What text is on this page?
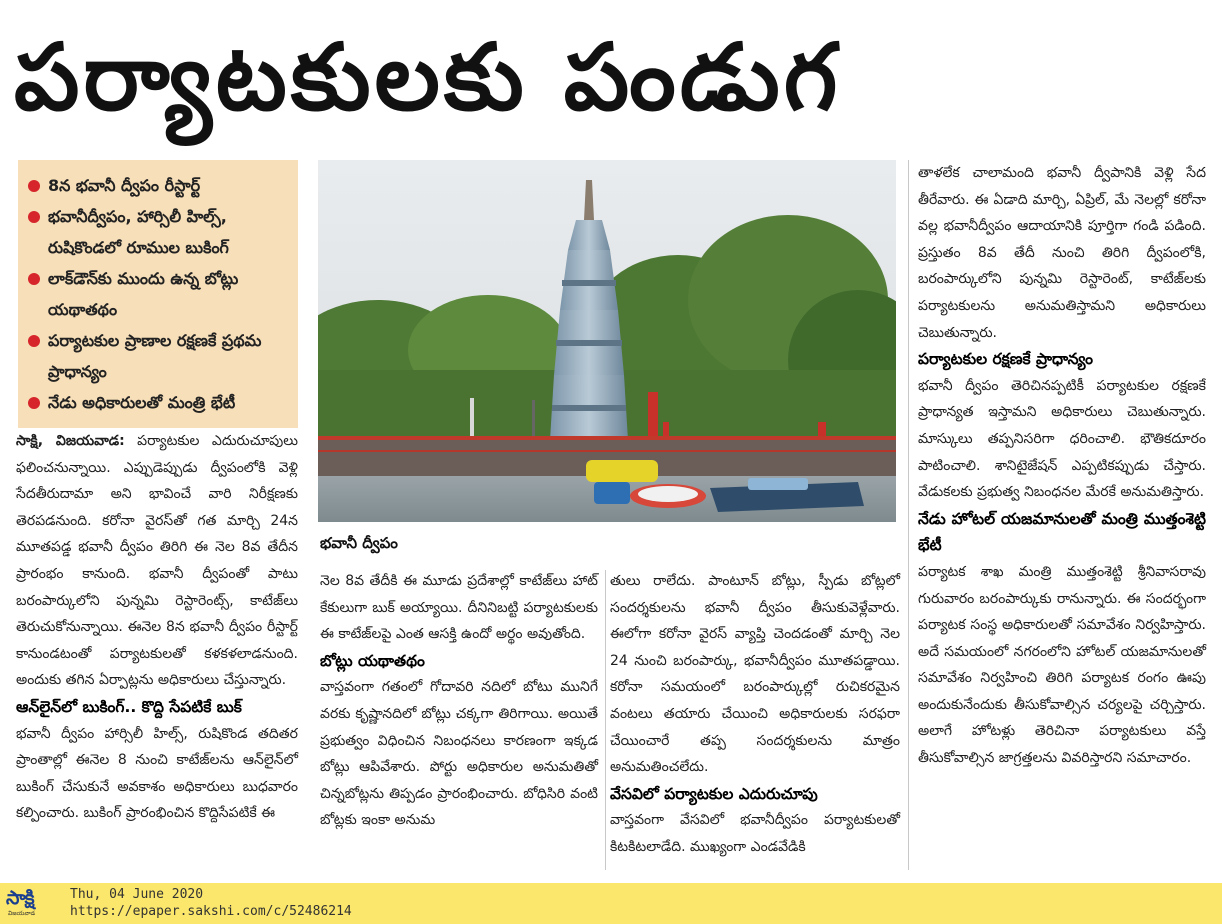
పర్యాటకులకు పండుగ
8న భవానీ ద్వీపం రీస్టార్ట్
భవానీద్వీపం, హార్సిలీ హిల్స్, రుషికొండలో రూముల బుకింగ్
లాక్‌డౌన్‌కు ముందు ఉన్న బోట్లు యథాతథం
పర్యాటకుల ప్రాణాల రక్షణకే ప్రథమ ప్రాధాన్యం
నేడు అధికారులతో మంత్రి భేటీ
భవానీ ద్వీపం

సాక్షి, విజయవాడ: పర్యాటకుల ఎదురుచూపులు ఫలించనున్నాయి. ఎప్పుడెప్పుడు ద్వీపంలోకి వెళ్లి సేదతీరుదామా అని భావించే వారి నిరీక్షణకు తెరపడనుంది. కరోనా వైరస్‌తో గత మార్చి 24న మూతపడ్డ భవానీ ద్వీపం తిరిగి ఈ నెల 8వ తేదీన ప్రారంభం కానుంది. భవానీ ద్వీపంతో పాటు బరంపార్కులోని పున్నమి రెస్టారెంట్స్, కాటేజ్‌లు తెరుచుకోనున్నాయి. ఈనెల 8న భవానీ ద్వీపం రీస్టార్ట్ కానుండటంతో పర్యాటకులతో కళకళలాడనుంది. అందుకు తగిన ఏర్పాట్లను అధికారులు చేస్తున్నారు.

ఆన్‌లైన్‌లో బుకింగ్.. కొద్ది సేపటికే బుక్

భవానీ ద్వీపం హార్సిలీ హిల్స్, రుషికొండ తదితర ప్రాంతాల్లో ఈనెల 8 నుంచి కాటేజ్‌లను ఆన్‌లైన్‌లో బుకింగ్ చేసుకునే అవకాశం అధికారులు బుధవారం కల్పించారు. బుకింగ్ ప్రారంభించిన కొద్దిసేపటికే ఈ

నెల 8వ తేదీకి ఈ మూడు ప్రదేశాల్లో కాటేజ్‌లు హాట్ కేకులుగా బుక్ అయ్యాయి. దీనినిబట్టి పర్యాటకులకు ఈ కాటేజ్‌లపై ఎంత ఆసక్తి ఉందో అర్థం అవుతోంది.

బోట్లు యథాతథం

వాస్తవంగా గతంలో గోదావరి నదిలో బోటు మునిగే వరకు కృష్ణానదిలో బోట్లు చక్కగా తిరిగాయి. అయితే ప్రభుత్వం విధించిన నిబంధనలు కారణంగా ఇక్కడ బోట్లు ఆపివేశారు. పోర్టు అధికారుల అనుమతితో చిన్నబోట్లను తిప్పడం ప్రారంభించారు. బోధిసిరి వంటి బోట్లకు ఇంకా అనుమ

తులు రాలేదు. పాంటూన్ బోట్లు, స్పీడు బోట్లలో సందర్శకులను భవానీ ద్వీపం తీసుకువెళ్లేవారు. ఈలోగా కరోనా వైరస్ వ్యాప్తి చెందడంతో మార్చి నెల 24 నుంచి బరంపార్కు, భవానీద్వీపం మూతపడ్డాయి. కరోనా సమయంలో బరంపార్కుల్లో రుచికరమైన వంటలు తయారు చేయించి అధికారులకు సరఫరా చేయించారే తప్ప సందర్శకులను మాత్రం అనుమతించలేదు.

వేసవిలో పర్యాటకుల ఎదురుచూపు

వాస్తవంగా వేసవిలో భవానీద్వీపం పర్యాటకులతో కిటకిటలాడేది. ముఖ్యంగా ఎండవేడికి

తాళలేక చాలామంది భవానీ ద్వీపానికి వెళ్లి సేద తీరేవారు. ఈ ఏడాది మార్చి, ఏప్రిల్, మే నెలల్లో కరోనా వల్ల భవానీద్వీపం ఆదాయానికి పూర్తిగా గండి పడింది. ప్రస్తుతం 8వ తేదీ నుంచి తిరిగి ద్వీపంలోకి, బరంపార్కులోని పున్నమి రెస్టారెంట్, కాటేజ్‌లకు పర్యాటకులను అనుమతిస్తామని అధికారులు చెబుతున్నారు.

పర్యాటకుల రక్షణకే ప్రాధాన్యం

భవానీ ద్వీపం తెరిచినప్పటికీ పర్యాటకుల రక్షణకే ప్రాధాన్యత ఇస్తామని అధికారులు చెబుతున్నారు. మాస్కులు తప్పనిసరిగా ధరించాలి. భౌతికదూరం పాటించాలి. శానిటైజేషన్ ఎప్పటికప్పుడు చేస్తారు. వేడుకలకు ప్రభుత్వ నిబంధనల మేరకే అనుమతిస్తారు.

నేడు హోటల్ యజమానులతో మంత్రి ముత్తంశెట్టి భేటీ

పర్యాటక శాఖ మంత్రి ముత్తంశెట్టి శ్రీనివాసరావు గురువారం బరంపార్కుకు రానున్నారు. ఈ సందర్భంగా పర్యాటక సంస్థ అధికారులతో సమావేశం నిర్వహిస్తారు. అదే సమయంలో నగరంలోని హోటల్ యజమానులతో సమావేశం నిర్వహించి తిరిగి పర్యాటక రంగం ఊపు అందుకునేందుకు తీసుకోవాల్సిన చర్యలపై చర్చిస్తారు. అలాగే హోటళ్లు తెరిచినా పర్యాటకులు వస్తే తీసుకోవాల్సిన జాగ్రత్తలను వివరిస్తారని సమాచారం.

సాక్షి
విజయవాడ
Thu, 04 June 2020
https://epaper.sakshi.com/c/52486214
